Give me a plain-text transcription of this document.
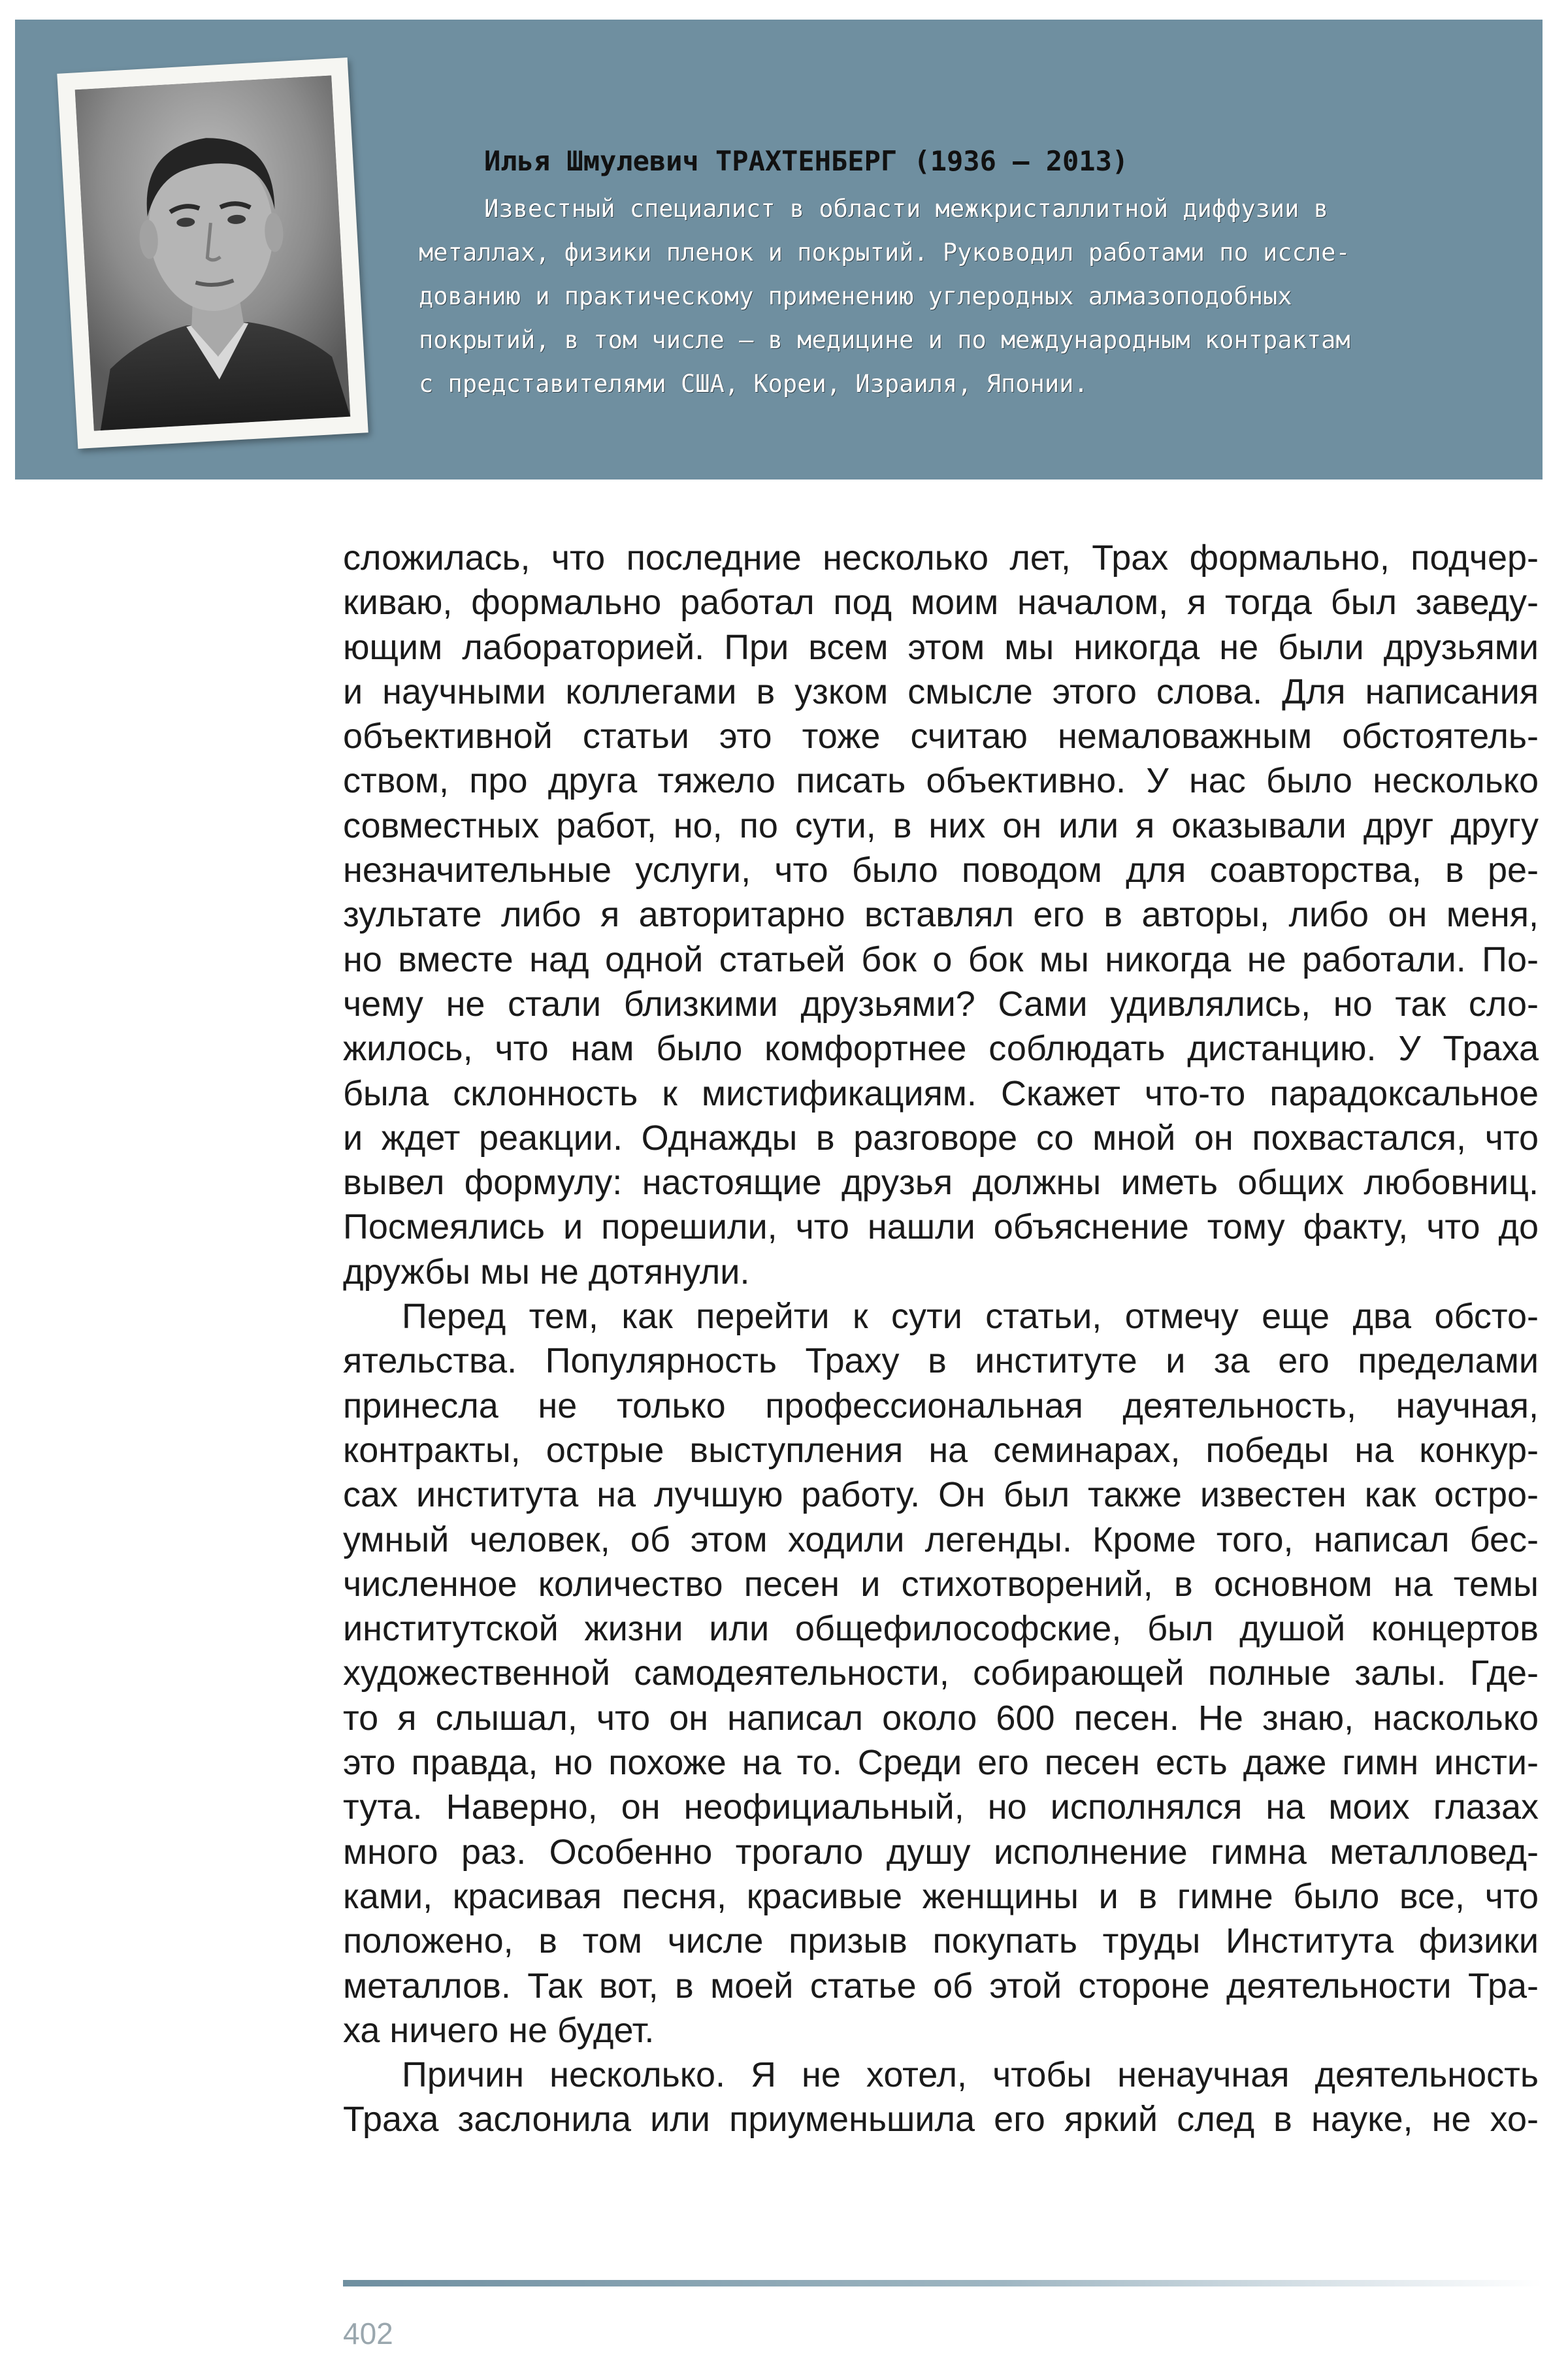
Илья Шмулевич ТРАХТЕНБЕРГ (1936 – 2013)
Известный специалист в области межкристаллитной диффузии в
металлах, физики пленок и покрытий. Руководил работами по иссле-
дованию и практическому применению углеродных алмазоподобных
покрытий, в том числе – в медицине и по международным контрактам
с представителями США, Кореи, Израиля, Японии.
сложилась, что последние несколько лет, Трах формально, подчер-
киваю, формально работал под моим началом, я тогда был заведу-
ющим лабораторией. При всем этом мы никогда не были друзьями
и научными коллегами в узком смысле этого слова. Для написания
объективной статьи это тоже считаю немаловажным обстоятель-
ством, про друга тяжело писать объективно. У нас было несколько
совместных работ, но, по сути, в них он или я оказывали друг другу
незначительные услуги, что было поводом для соавторства, в ре-
зультате либо я авторитарно вставлял его в авторы, либо он меня,
но вместе над одной статьей бок о бок мы никогда не работали. По-
чему не стали близкими друзьями? Сами удивлялись, но так сло-
жилось, что нам было комфортнее соблюдать дистанцию. У Траха
была склонность к мистификациям. Скажет что-то парадоксальное
и ждет реакции. Однажды в разговоре со мной он похвастался, что
вывел формулу: настоящие друзья должны иметь общих любовниц.
Посмеялись и порешили, что нашли объяснение тому факту, что до
дружбы мы не дотянули.
Перед тем, как перейти к сути статьи, отмечу еще два обсто-
ятельства. Популярность Траху в институте и за его пределами
принесла не только профессиональная деятельность, научная,
контракты, острые выступления на семинарах, победы на конкур-
сах института на лучшую работу. Он был также известен как остро-
умный человек, об этом ходили легенды. Кроме того, написал бес-
численное количество песен и стихотворений, в основном на темы
институтской жизни или общефилософские, был душой концертов
художественной самодеятельности, собирающей полные залы. Где-
то я слышал, что он написал около 600 песен. Не знаю, насколько
это правда, но похоже на то. Среди его песен есть даже гимн инсти-
тута. Наверно, он неофициальный, но исполнялся на моих глазах
много раз. Особенно трогало душу исполнение гимна металловед-
ками, красивая песня, красивые женщины и в гимне было все, что
положено, в том числе призыв покупать труды Института физики
металлов. Так вот, в моей статье об этой стороне деятельности Тра-
ха ничего не будет.
Причин несколько. Я не хотел, чтобы ненаучная деятельность
Траха заслонила или приуменьшила его яркий след в науке, не хо-
402
